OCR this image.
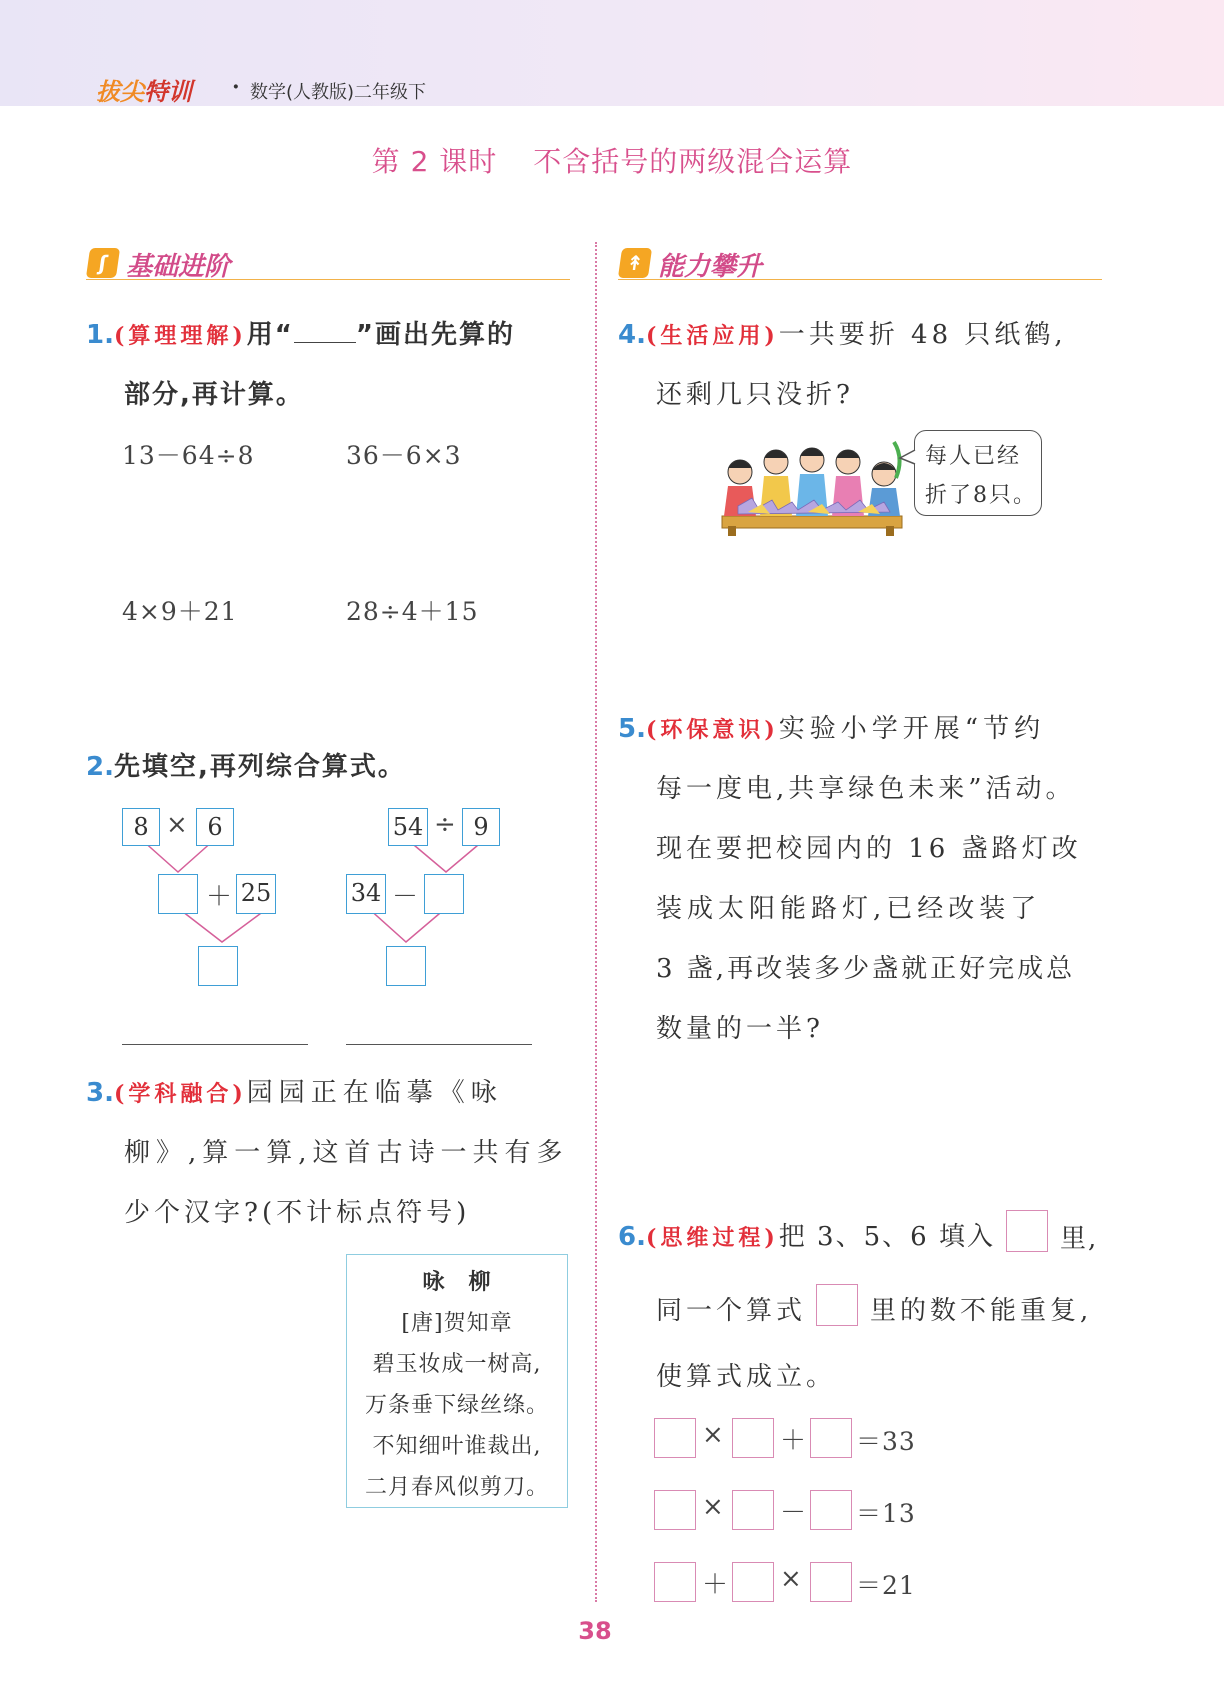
拔尖特训 · 数学(人教版)二年级下
第 2 课时 不含括号的两级混合运算
ʃ 基础进阶	↟ 能力攀升
1.(算理理解)用“ ”画出先算的
部分,再计算。
13－64÷8	36－6×3
4×9＋21	28÷4＋15
2.先填空,再列综合算式。
8 × 6
＋ 25
54 ÷ 9
34 －
3.(学科融合)园园正在临摹《咏
柳》,算一算,这首古诗一共有多
少个汉字?(不计标点符号)
咏　柳
[唐]贺知章
碧玉妆成一树高,
万条垂下绿丝绦。
不知细叶谁裁出,
二月春风似剪刀。
4.(生活应用)一共要折 48 只纸鹤,
还剩几只没折?
每人已经
折了8只。
5.(环保意识)实验小学开展“节约
每一度电,共享绿色未来”活动。
现在要把校园内的 16 盏路灯改
装成太阳能路灯,已经改装了
3 盏,再改装多少盏就正好完成总
数量的一半?
6.(思维过程)把 3、5、6 填入	里,
同一个算式 里的数不能重复,
使算式成立。
× ＋ ＝33
× － ＝13
＋ × ＝21
38
